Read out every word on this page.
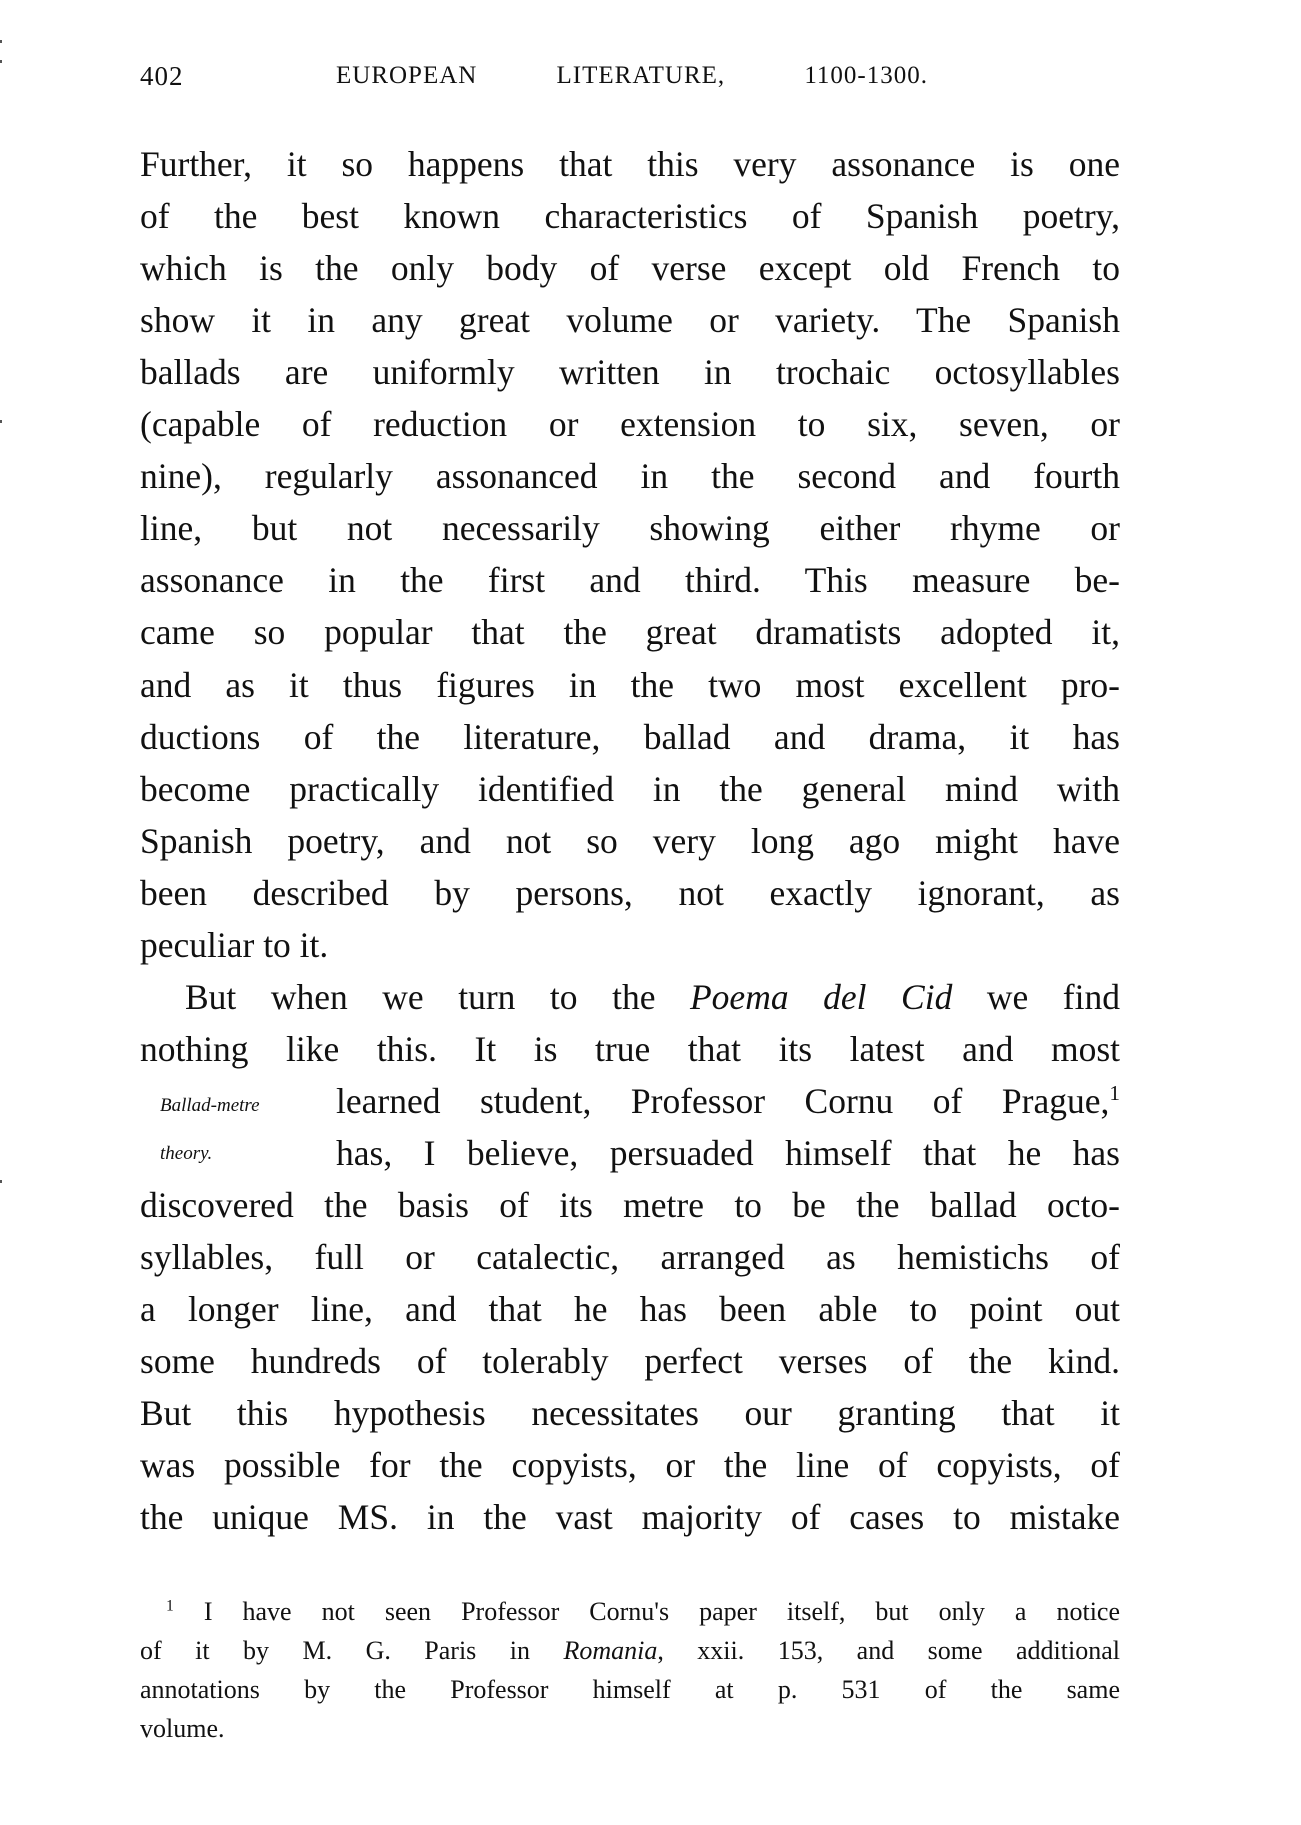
402	EUROPEAN LITERATURE, 1100-1300.
Further, it so happens that this very assonance is one
of the best known characteristics of Spanish poetry,
which is the only body of verse except old French to
show it in any great volume or variety. The Spanish
ballads are uniformly written in trochaic octosyllables
(capable of reduction or extension to six, seven, or
nine), regularly assonanced in the second and fourth
line, but not necessarily showing either rhyme or
assonance in the first and third. This measure be-
came so popular that the great dramatists adopted it,
and as it thus figures in the two most excellent pro-
ductions of the literature, ballad and drama, it has
become practically identified in the general mind with
Spanish poetry, and not so very long ago might have
been described by persons, not exactly ignorant, as
peculiar to it.
But when we turn to the Poema del Cid we find
nothing like this. It is true that its latest and most
learned student, Professor Cornu of Prague,$^1$
has, I believe, persuaded himself that he has
discovered the basis of its metre to be the ballad octo-
syllables, full or catalectic, arranged as hemistichs of
a longer line, and that he has been able to point out
some hundreds of tolerably perfect verses of the kind.
But this hypothesis necessitates our granting that it
was possible for the copyists, or the line of copyists, of
the unique MS. in the vast majority of cases to mistake
Ballad-metre
theory.
$^1$ I have not seen Professor Cornu's paper itself, but only a notice
of it by M. G. Paris in Romania, xxii. 153, and some additional
annotations by the Professor himself at p. 531 of the same
volume.
